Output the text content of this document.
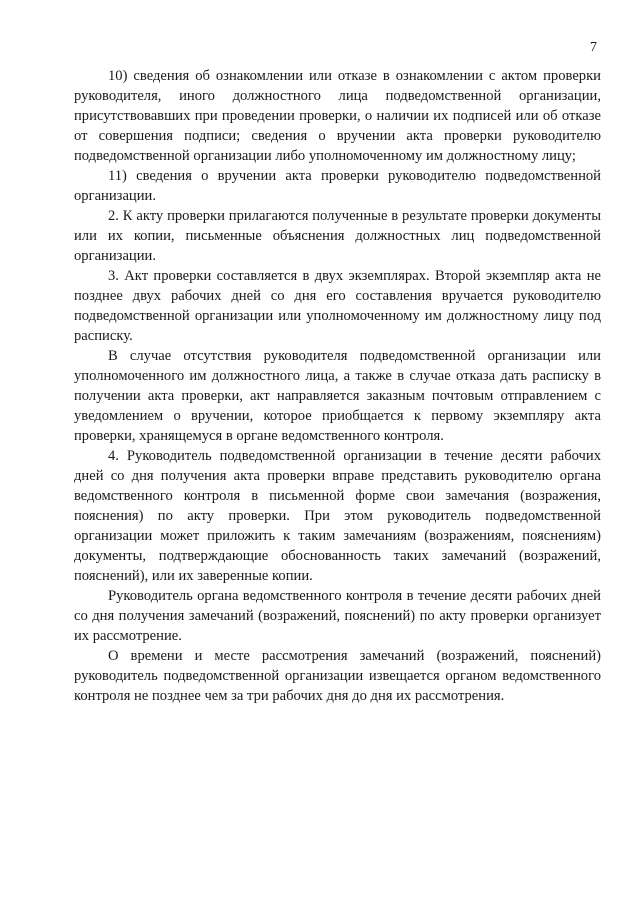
7

10) сведения об ознакомлении или отказе в ознакомлении с актом проверки руководителя, иного должностного лица подведомственной организации, присутствовавших при проведении проверки, о наличии их подписей или об отказе от совершения подписи; сведения о вручении акта проверки руководителю подведомственной организации либо уполномоченному им должностному лицу;

11) сведения о вручении акта проверки руководителю подведомственной организации.

2. К акту проверки прилагаются полученные в результате проверки документы или их копии, письменные объяснения должностных лиц подведомственной организации.

3. Акт проверки составляется в двух экземплярах. Второй экземпляр акта не позднее двух рабочих дней со дня его составления вручается руководителю подведомственной организации или уполномоченному им должностному лицу под расписку.

В случае отсутствия руководителя подведомственной организации или уполномоченного им должностного лица, а также в случае отказа дать расписку в получении акта проверки, акт направляется заказным почтовым отправлением с уведомлением о вручении, которое приобщается к первому экземпляру акта проверки, хранящемуся в органе ведомственного контроля.

4. Руководитель подведомственной организации в течение десяти рабочих дней со дня получения акта проверки вправе представить руководителю органа ведомственного контроля в письменной форме свои замечания (возражения, пояснения) по акту проверки. При этом руководитель подведомственной организации может приложить к таким замечаниям (возражениям, пояснениям) документы, подтверждающие обоснованность таких замечаний (возражений, пояснений), или их заверенные копии.

Руководитель органа ведомственного контроля в течение десяти рабочих дней со дня получения замечаний (возражений, пояснений) по акту проверки организует их рассмотрение.

О времени и месте рассмотрения замечаний (возражений, пояснений) руководитель подведомственной организации извещается органом ведомственного контроля не позднее чем за три рабочих дня до дня их рассмотрения.
